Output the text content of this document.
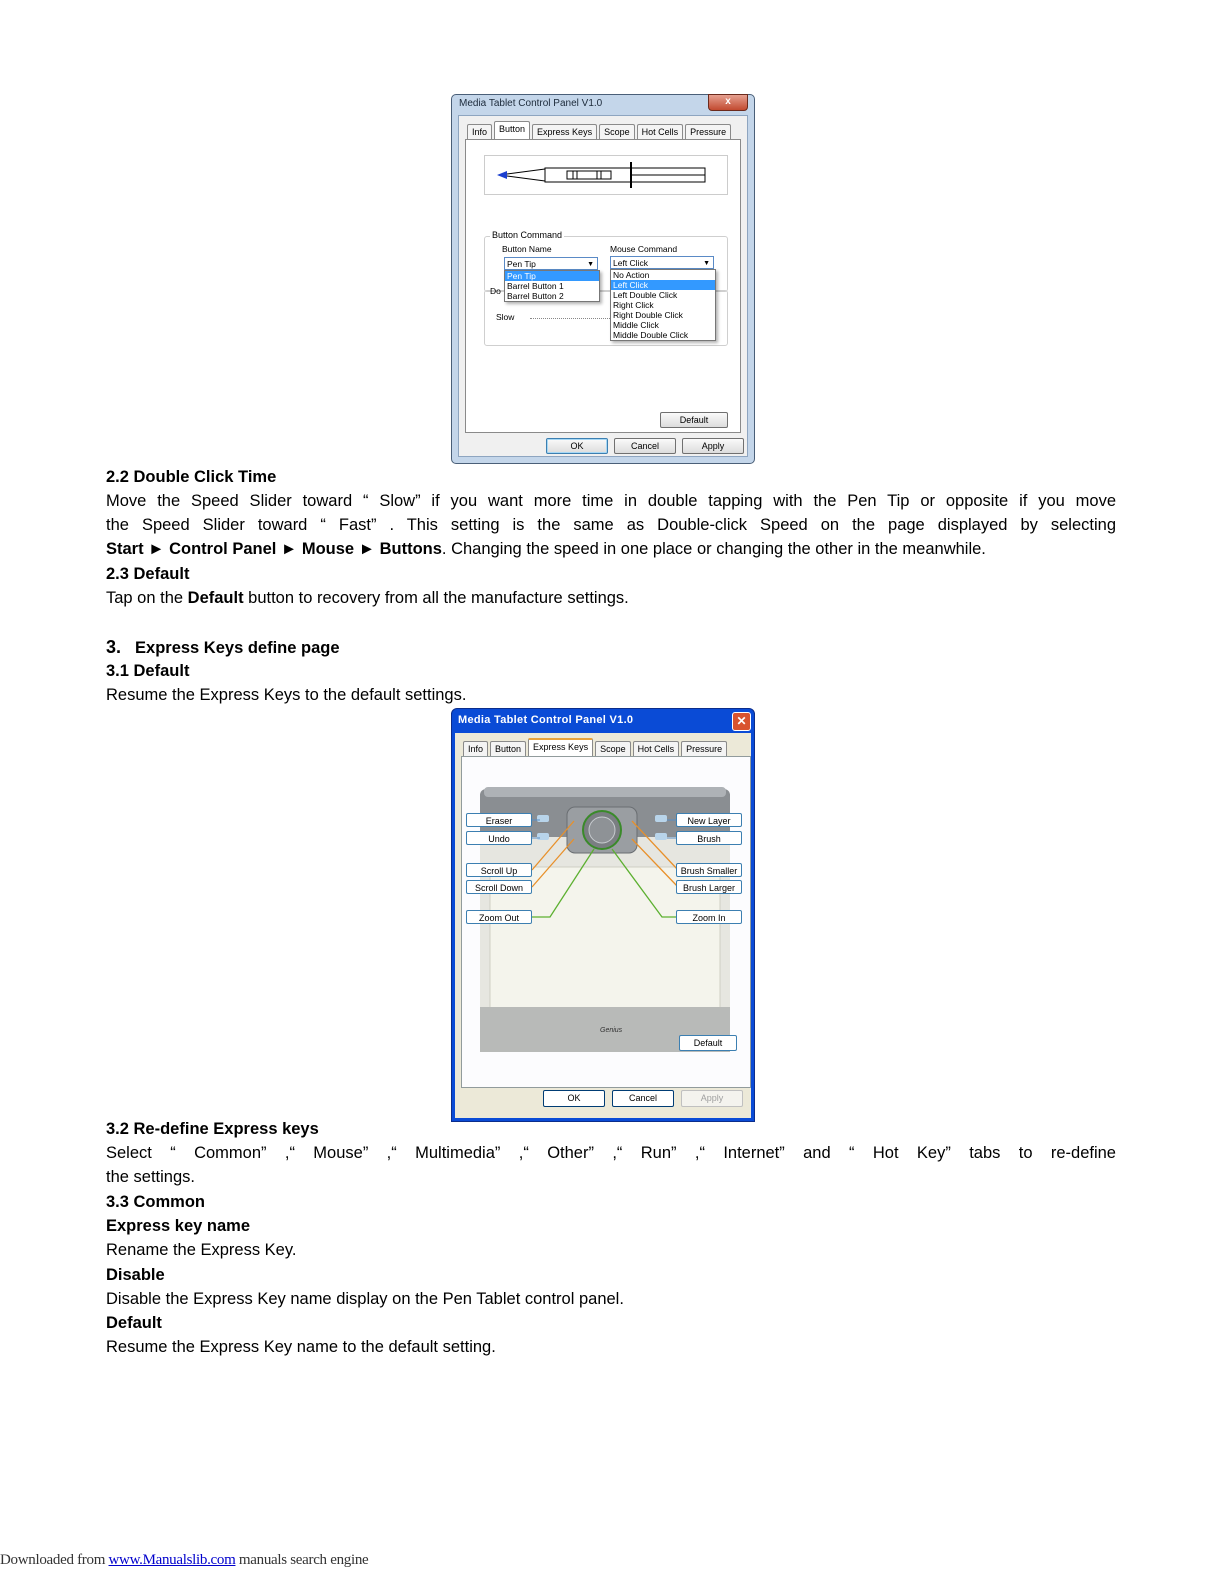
Media Tablet Control Panel V1.0	x
Info	Button	Express Keys	Scope	Hot Cells	Pressure
Button Command
Button Name	Mouse Command
Pen Tip	▼	Left Click	▼
Do
Slow
Pen Tip
Barrel Button 1
Barrel Button 2
No Action
Left Click
Left Double Click
Right Click
Right Double Click
Middle Click
Middle Double Click
Default
OK	Cancel	Apply
2.2 Double Click Time
Move the Speed Slider toward “ Slow” if you want more time in double tapping with the Pen Tip or opposite if you move
the Speed Slider toward “ Fast” . This setting is the same as Double-click Speed on the page displayed by selecting
Start ► Control Panel ► Mouse ► Buttons. Changing the speed in one place or changing the other in the meanwhile.
2.3 Default
Tap on the Default button to recovery from all the manufacture settings.
3. Express Keys define page
3.1 Default
Resume the Express Keys to the default settings.
Media Tablet Control Panel V1.0	✕
Info	Button	Express Keys	Scope	Hot Cells	Pressure
Genius
Eraser
Undo
Scroll Up
Scroll Down
Zoom Out
New Layer
Brush
Brush Smaller
Brush Larger
Zoom In
Default
OK	Cancel	Apply
3.2 Re-define Express keys
Select “ Common” ,“ Mouse” ,“ Multimedia” ,“ Other” ,“ Run” ,“ Internet” and “ Hot Key” tabs to re-define
the settings.
3.3 Common
Express key name
Rename the Express Key.
Disable
Disable the Express Key name display on the Pen Tablet control panel.
Default
Resume the Express Key name to the default setting.
Downloaded from www.Manualslib.com manuals search engine
